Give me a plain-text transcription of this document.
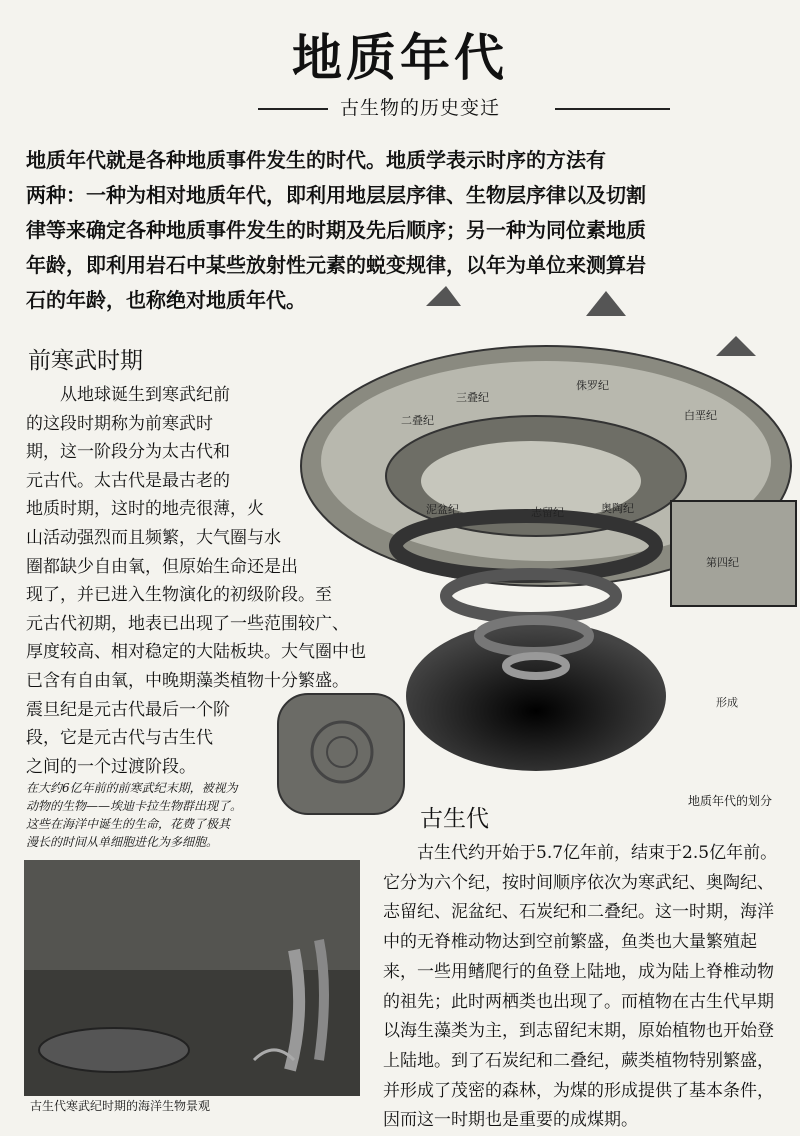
地质年代
古生物的历史变迁
地质年代就是各种地质事件发生的时代。地质学表示时序的方法有
两种：一种为相对地质年代，即利用地层层序律、生物层序律以及切割
律等来确定各种地质事件发生的时期及先后顺序；另一种为同位素地质
年龄，即利用岩石中某些放射性元素的蜕变规律，以年为单位来测算岩
石的年龄，也称绝对地质年代。
二叠纪
三叠纪
侏罗纪
白垩纪
泥盆纪	志留纪	奥陶纪
第四纪
形成
前寒武时期
从地球诞生到寒武纪前
的这段时期称为前寒武时
期，这一阶段分为太古代和
元古代。太古代是最古老的
地质时期，这时的地壳很薄，火
山活动强烈而且频繁，大气圈与水
圈都缺少自由氧，但原始生命还是出
现了，并已进入生物演化的初级阶段。至
元古代初期，地表已出现了一些范围较广、
厚度较高、相对稳定的大陆板块。大气圈中也
已含有自由氧，中晚期藻类植物十分繁盛。
震旦纪是元古代最后一个阶
段，它是元古代与古生代
之间的一个过渡阶段。
在大约6亿年前的前寒武纪末期，被视为
动物的生物——埃迪卡拉生物群出现了。
这些在海洋中诞生的生命，花费了极其
漫长的时间从单细胞进化为多细胞。
地质年代的划分
古生代
古生代约开始于5.7亿年前，结束于2.5亿年前。
它分为六个纪，按时间顺序依次为寒武纪、奥陶纪、
志留纪、泥盆纪、石炭纪和二叠纪。这一时期，海洋
中的无脊椎动物达到空前繁盛，鱼类也大量繁殖起
来，一些用鳍爬行的鱼登上陆地，成为陆上脊椎动物
的祖先；此时两栖类也出现了。而植物在古生代早期
以海生藻类为主，到志留纪末期，原始植物也开始登
上陆地。到了石炭纪和二叠纪，蕨类植物特别繁盛，
并形成了茂密的森林，为煤的形成提供了基本条件，
因而这一时期也是重要的成煤期。
古生代寒武纪时期的海洋生物景观
